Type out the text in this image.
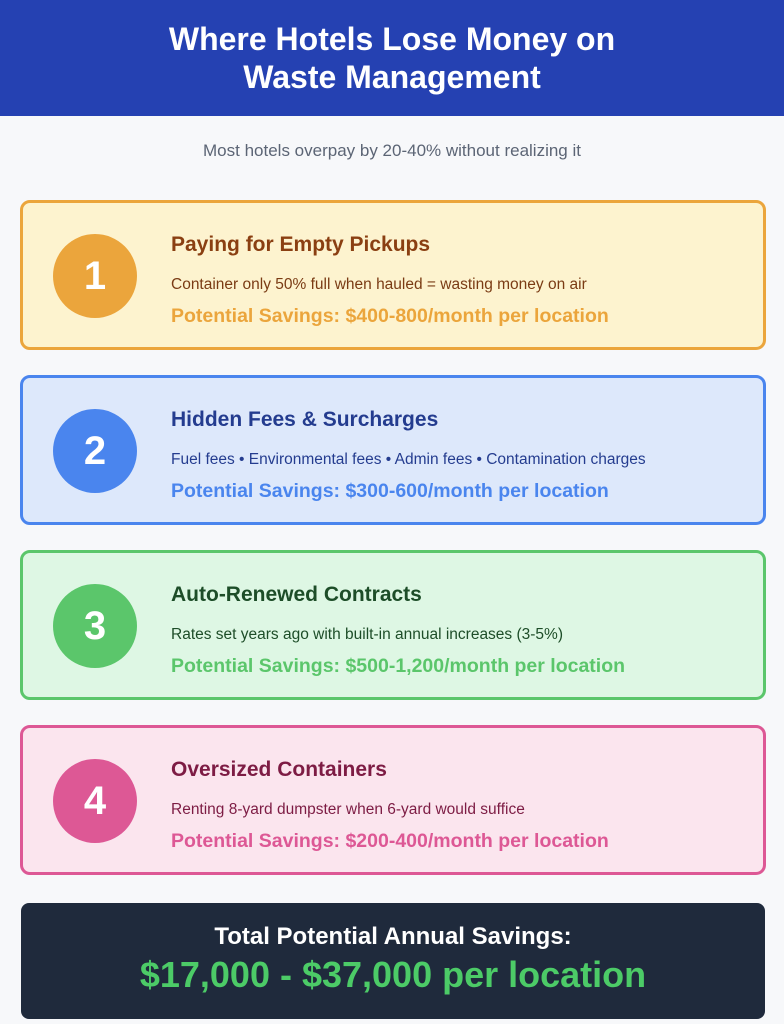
Where Hotels Lose Money on Waste Management
Most hotels overpay by 20-40% without realizing it
1
Paying for Empty Pickups
Container only 50% full when hauled = wasting money on air
Potential Savings: $400-800/month per location
2
Hidden Fees & Surcharges
Fuel fees • Environmental fees • Admin fees • Contamination charges
Potential Savings: $300-600/month per location
3
Auto-Renewed Contracts
Rates set years ago with built-in annual increases (3-5%)
Potential Savings: $500-1,200/month per location
4
Oversized Containers
Renting 8-yard dumpster when 6-yard would suffice
Potential Savings: $200-400/month per location
Total Potential Annual Savings:
$17,000 - $37,000 per location
